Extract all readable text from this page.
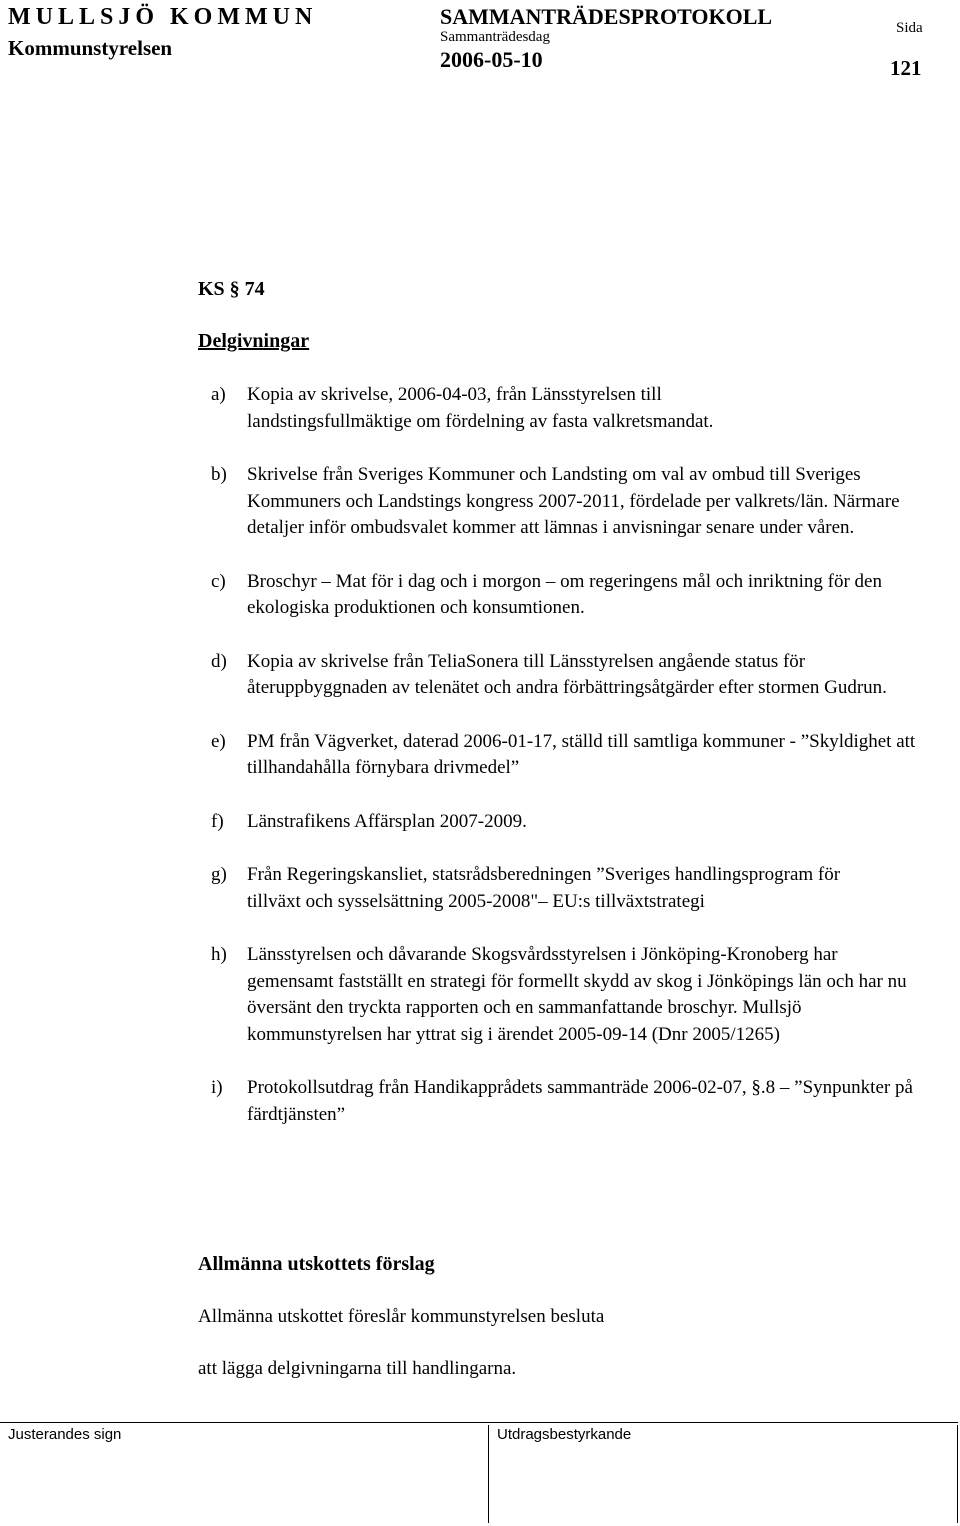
MULLSJÖ KOMMUN
Kommunstyrelsen
SAMMANTRÄDESPROTOKOLL
Sammanträdesdag
2006-05-10
Sida
121
KS § 74
Delgivningar
a)	Kopia av skrivelse, 2006-04-03, från Länsstyrelsen till landstingsfullmäktige om fördelning av fasta valkretsmandat.
b)	Skrivelse från Sveriges Kommuner och Landsting om val av ombud till Sveriges Kommuners och Landstings kongress 2007-2011, fördelade per valkrets/län. Närmare detaljer inför ombudsvalet kommer att lämnas i anvisningar senare under våren.
c)	Broschyr – Mat för i dag och i morgon – om regeringens mål och inriktning för den ekologiska produktionen och konsumtionen.
d)	Kopia av skrivelse från TeliaSonera till Länsstyrelsen angående status för återuppbyggnaden av telenätet och andra förbättringsåtgärder efter stormen Gudrun.
e)	PM från Vägverket, daterad 2006-01-17, ställd till samtliga kommuner - ”Skyldighet att tillhandahålla förnybara drivmedel”
f)	Länstrafikens Affärsplan 2007-2009.
g)	Från Regeringskansliet, statsrådsberedningen ”Sveriges handlingsprogram för tillväxt och sysselsättning 2005-2008"– EU:s tillväxtstrategi
h)	Länsstyrelsen och dåvarande Skogsvårdsstyrelsen i Jönköping-Kronoberg har gemensamt fastställt en strategi för formellt skydd av skog i Jönköpings län och har nu översänt den tryckta rapporten och en sammanfattande broschyr. Mullsjö kommunstyrelsen har yttrat sig i ärendet 2005-09-14 (Dnr 2005/1265)
i)	Protokollsutdrag från Handikapprådets sammanträde 2006-02-07, §.8 – ”Synpunkter på färdtjänsten”
Allmänna utskottets förslag
Allmänna utskottet föreslår kommunstyrelsen besluta
att lägga delgivningarna till handlingarna.
Justerandes sign	Utdragsbestyrkande
